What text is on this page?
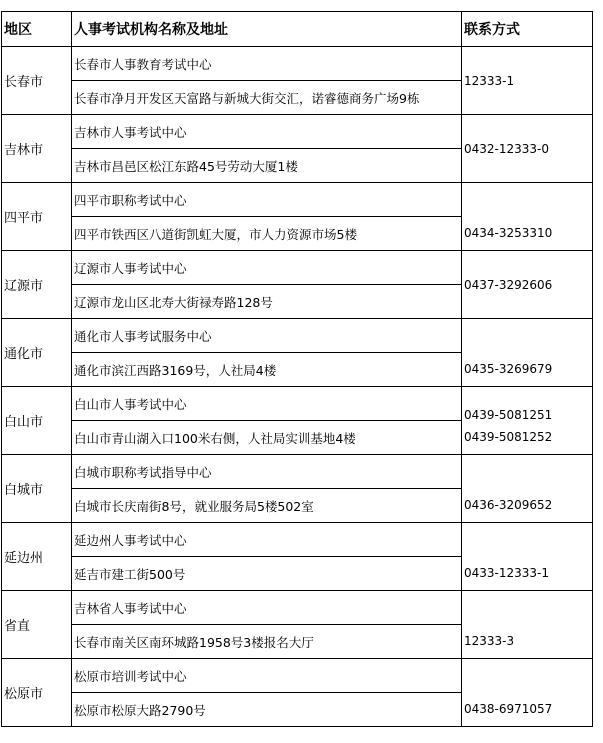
地区	人事考试机构名称及地址	联系方式
长春市	长春市人事教育考试中心	12333-1

	长春市净月开发区天富路与新城大街交汇，诺睿德商务广场9栋	
吉林市	吉林市人事考试中心	0432-12333-0

	吉林市昌邑区松江东路45号劳动大厦1楼	
四平市	四平市职称考试中心	0434-3253310

	四平市铁西区八道街凯虹大厦，市人力资源市场5楼	
辽源市	辽源市人事考试中心	0437-3292606

	辽源市龙山区北寿大街禄寿路128号	
通化市	通化市人事考试服务中心	0435-3269679

	通化市滨江西路3169号，人社局4楼	
白山市	白山市人事考试中心	0439-5081251
0439-5081252

	白山市青山湖入口100米右侧，人社局实训基地4楼	
白城市	白城市职称考试指导中心	0436-3209652

	白城市长庆南街8号，就业服务局5楼502室	
延边州	延边州人事考试中心	0433-12333-1

	延吉市建工街500号	
省直	吉林省人事考试中心	12333-3

	长春市南关区南环城路1958号3楼报名大厅	
松原市	松原市培训考试中心	0438-6971057

	松原市松原大路2790号	
